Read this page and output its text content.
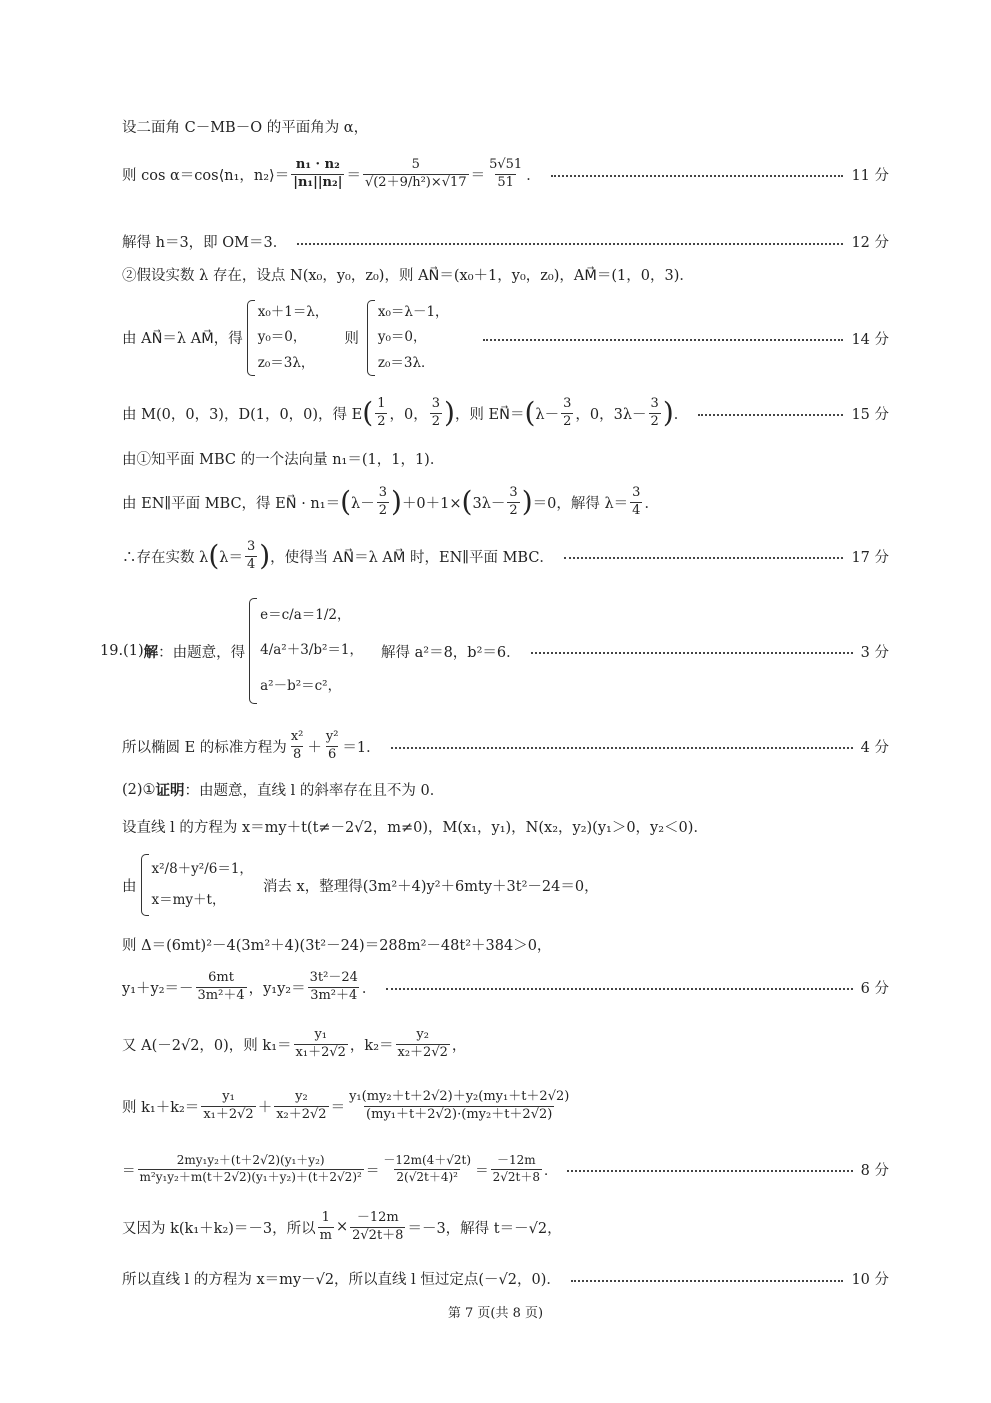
设二面角 C－MB－O 的平面角为 α，
则 cos α＝cos⟨n₁，n₂⟩＝ $\frac{\text{n₁ · n₂}}{\text{|n₁||n₂|}} = \frac{5}{\text{√(2＋9/h²)×√17}} = \frac{5√51}{51}$ ．	11 分
解得 h＝3，即 OM＝3．	12 分
②假设实数 λ 存在，设点 N(x₀，y₀，z₀)，则 AN⃗＝(x₀＋1，y₀，z₀)，AM⃗＝(1，0，3)．
由 AN⃗＝λ AM⃗，得
x₀＋1＝λ，
y₀＝0，
z₀＝3λ，
则
x₀＝λ－1，
y₀＝0，
z₀＝3λ．
14 分
由 M(0，0，3)，D(1，0，0)，得 E ( $\frac{1}{2}$ ，0， $\frac{3}{2}$ ) ，则 EN⃗＝ ( $\lambda- \frac{3}{2}$ ，0，$3\lambda- \frac{3}{2}$ ) ．	15 分
由①知平面 MBC 的一个法向量 n₁＝(1，1，1)．
由 EN∥平面 MBC，得 EN⃗ · n₁＝ ( $\lambda- \frac{3}{2}$ ) ＋0＋1× ( $3\lambda- \frac{3}{2}$ ) ＝0，解得 $\lambda= \frac{3}{4}$ ．
∴存在实数 λ ( $\lambda= \frac{3}{4}$ ) ，使得当 AN⃗＝λ AM⃗ 时，EN∥平面 MBC．	17 分
19.(1) 解 ：由题意，得
e＝c/a＝1/2，
4/a²＋3/b²＝1，
a²－b²＝c²，
解得 a²＝8，b²＝6．	3 分
所以椭圆 E 的标准方程为 $\frac{\text{x²}}{8} + \frac{\text{y²}}{6} =1$．	4 分
(2)① 证明 ：由题意，直线 l 的斜率存在且不为 0．
设直线 l 的方程为 x＝my＋t(t≠－2√2，m≠0)，M(x₁，y₁)，N(x₂，y₂)(y₁＞0，y₂＜0)．
由
x²/8＋y²/6＝1，
x＝my＋t，
消去 x，整理得(3m²＋4)y²＋6mty＋3t²－24＝0，
则 Δ＝(6mt)²－4(3m²＋4)(3t²－24)＝288m²－48t²＋384＞0，
$y_1+y_2=- \frac{6mt}{\text{3m²＋4}}$ ，$y_1y_2= \frac{\text{3t²－24}}{\text{3m²＋4}}$ ．	6 分
又 A(－2√2，0)，则 $k_1= \frac{\text{y₁}}{\text{x₁＋2√2}}$ ，$k_2= \frac{\text{y₂}}{\text{x₂＋2√2}}$ ，
则 $k_1+k_2= \frac{\text{y₁}}{\text{x₁＋2√2}} + \frac{\text{y₂}}{\text{x₂＋2√2}} = \frac{\text{y₁(my₂＋t＋2√2)＋y₂(my₁＋t＋2√2)}}{\text{(my₁＋t＋2√2)·(my₂＋t＋2√2)}}$
＝ $\frac{\text{2my₁y₂＋(t＋2√2)(y₁＋y₂)}}{\text{m²y₁y₂＋m(t＋2√2)(y₁＋y₂)＋(t＋2√2)²}} = \frac{-12m(4+√2t)}{\text{2(√2t＋4)²}} = \frac{-12m}{2√2t+8}$ ．	8 分
又因为 k(k₁＋k₂)＝－3，所以 $\frac{1}{m} \times \frac{-12m}{2√2t+8} =-3$，解得 t＝－√2，
所以直线 l 的方程为 x＝my－√2，所以直线 l 恒过定点(－√2，0)．	10 分
第 7 页(共 8 页)
